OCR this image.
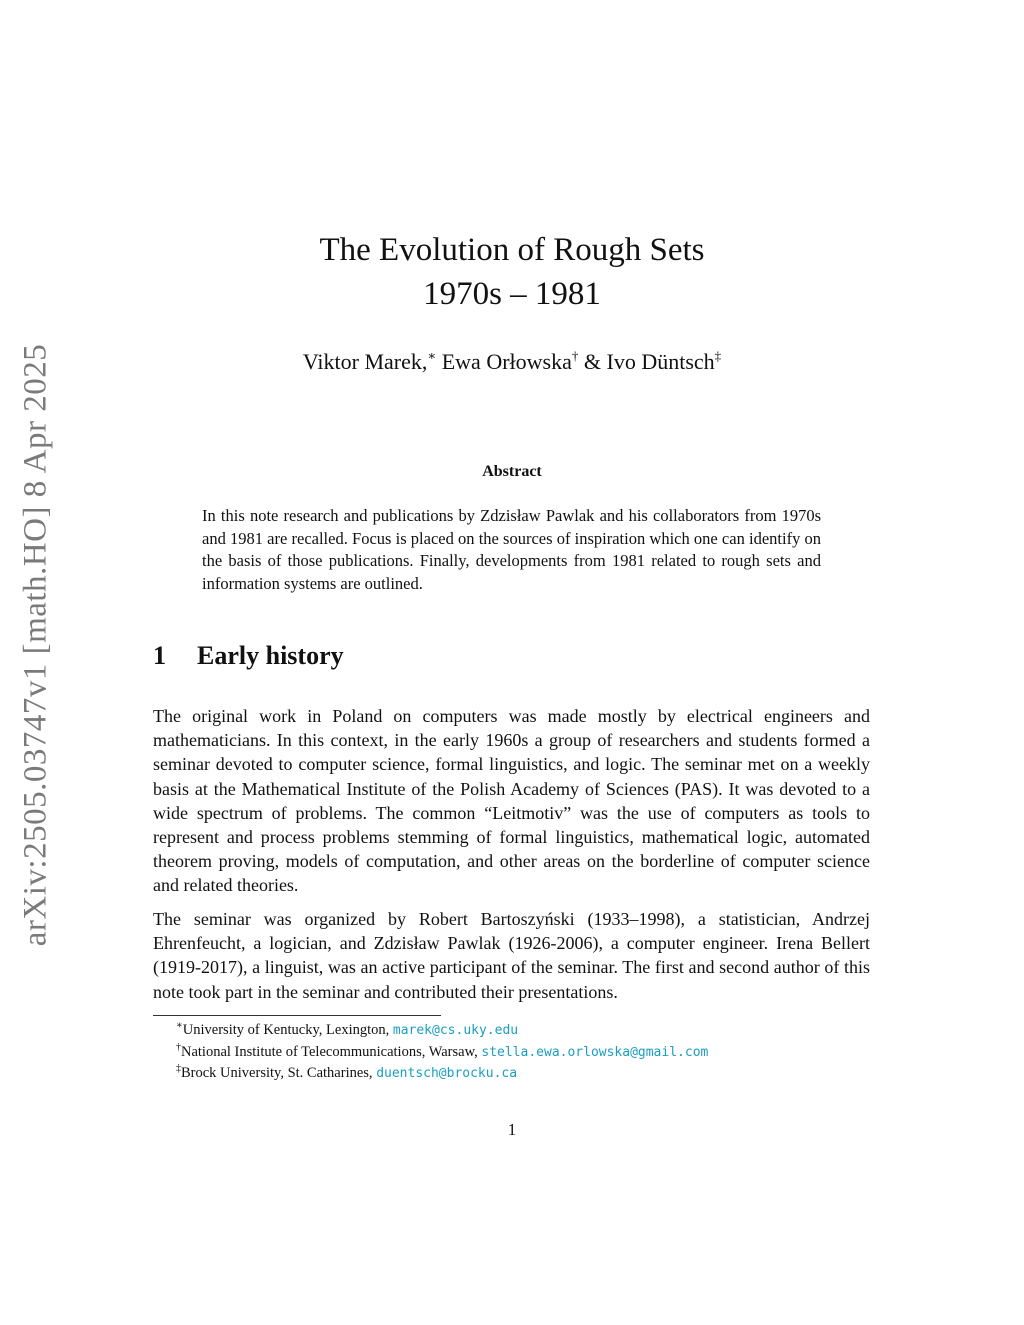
arXiv:2505.03747v1 [math.HO] 8 Apr 2025
The Evolution of Rough Sets
1970s – 1981
Viktor Marek,∗ Ewa Orłowska† & Ivo Düntsch‡
Abstract
In this note research and publications by Zdzisław Pawlak and his collaborators from 1970s and 1981 are recalled. Focus is placed on the sources of inspiration which one can identify on the basis of those publications. Finally, developments from 1981 related to rough sets and information systems are outlined.
1 Early history
The original work in Poland on computers was made mostly by electrical engineers and mathematicians. In this context, in the early 1960s a group of researchers and students formed a seminar devoted to computer science, formal linguistics, and logic. The seminar met on a weekly basis at the Mathematical Institute of the Polish Academy of Sciences (PAS). It was devoted to a wide spectrum of problems. The common “Leitmotiv” was the use of computers as tools to represent and process problems stemming of formal linguistics, mathematical logic, automated theorem proving, models of computation, and other areas on the borderline of computer science and related theories.
The seminar was organized by Robert Bartoszyński (1933–1998), a statistician, Andrzej Ehrenfeucht, a logician, and Zdzisław Pawlak (1926-2006), a computer engineer. Irena Bellert (1919-2017), a linguist, was an active participant of the seminar. The first and second author of this note took part in the seminar and contributed their presentations.
∗University of Kentucky, Lexington, marek@cs.uky.edu
†National Institute of Telecommunications, Warsaw, stella.ewa.orlowska@gmail.com
‡Brock University, St. Catharines, duentsch@brocku.ca
1
